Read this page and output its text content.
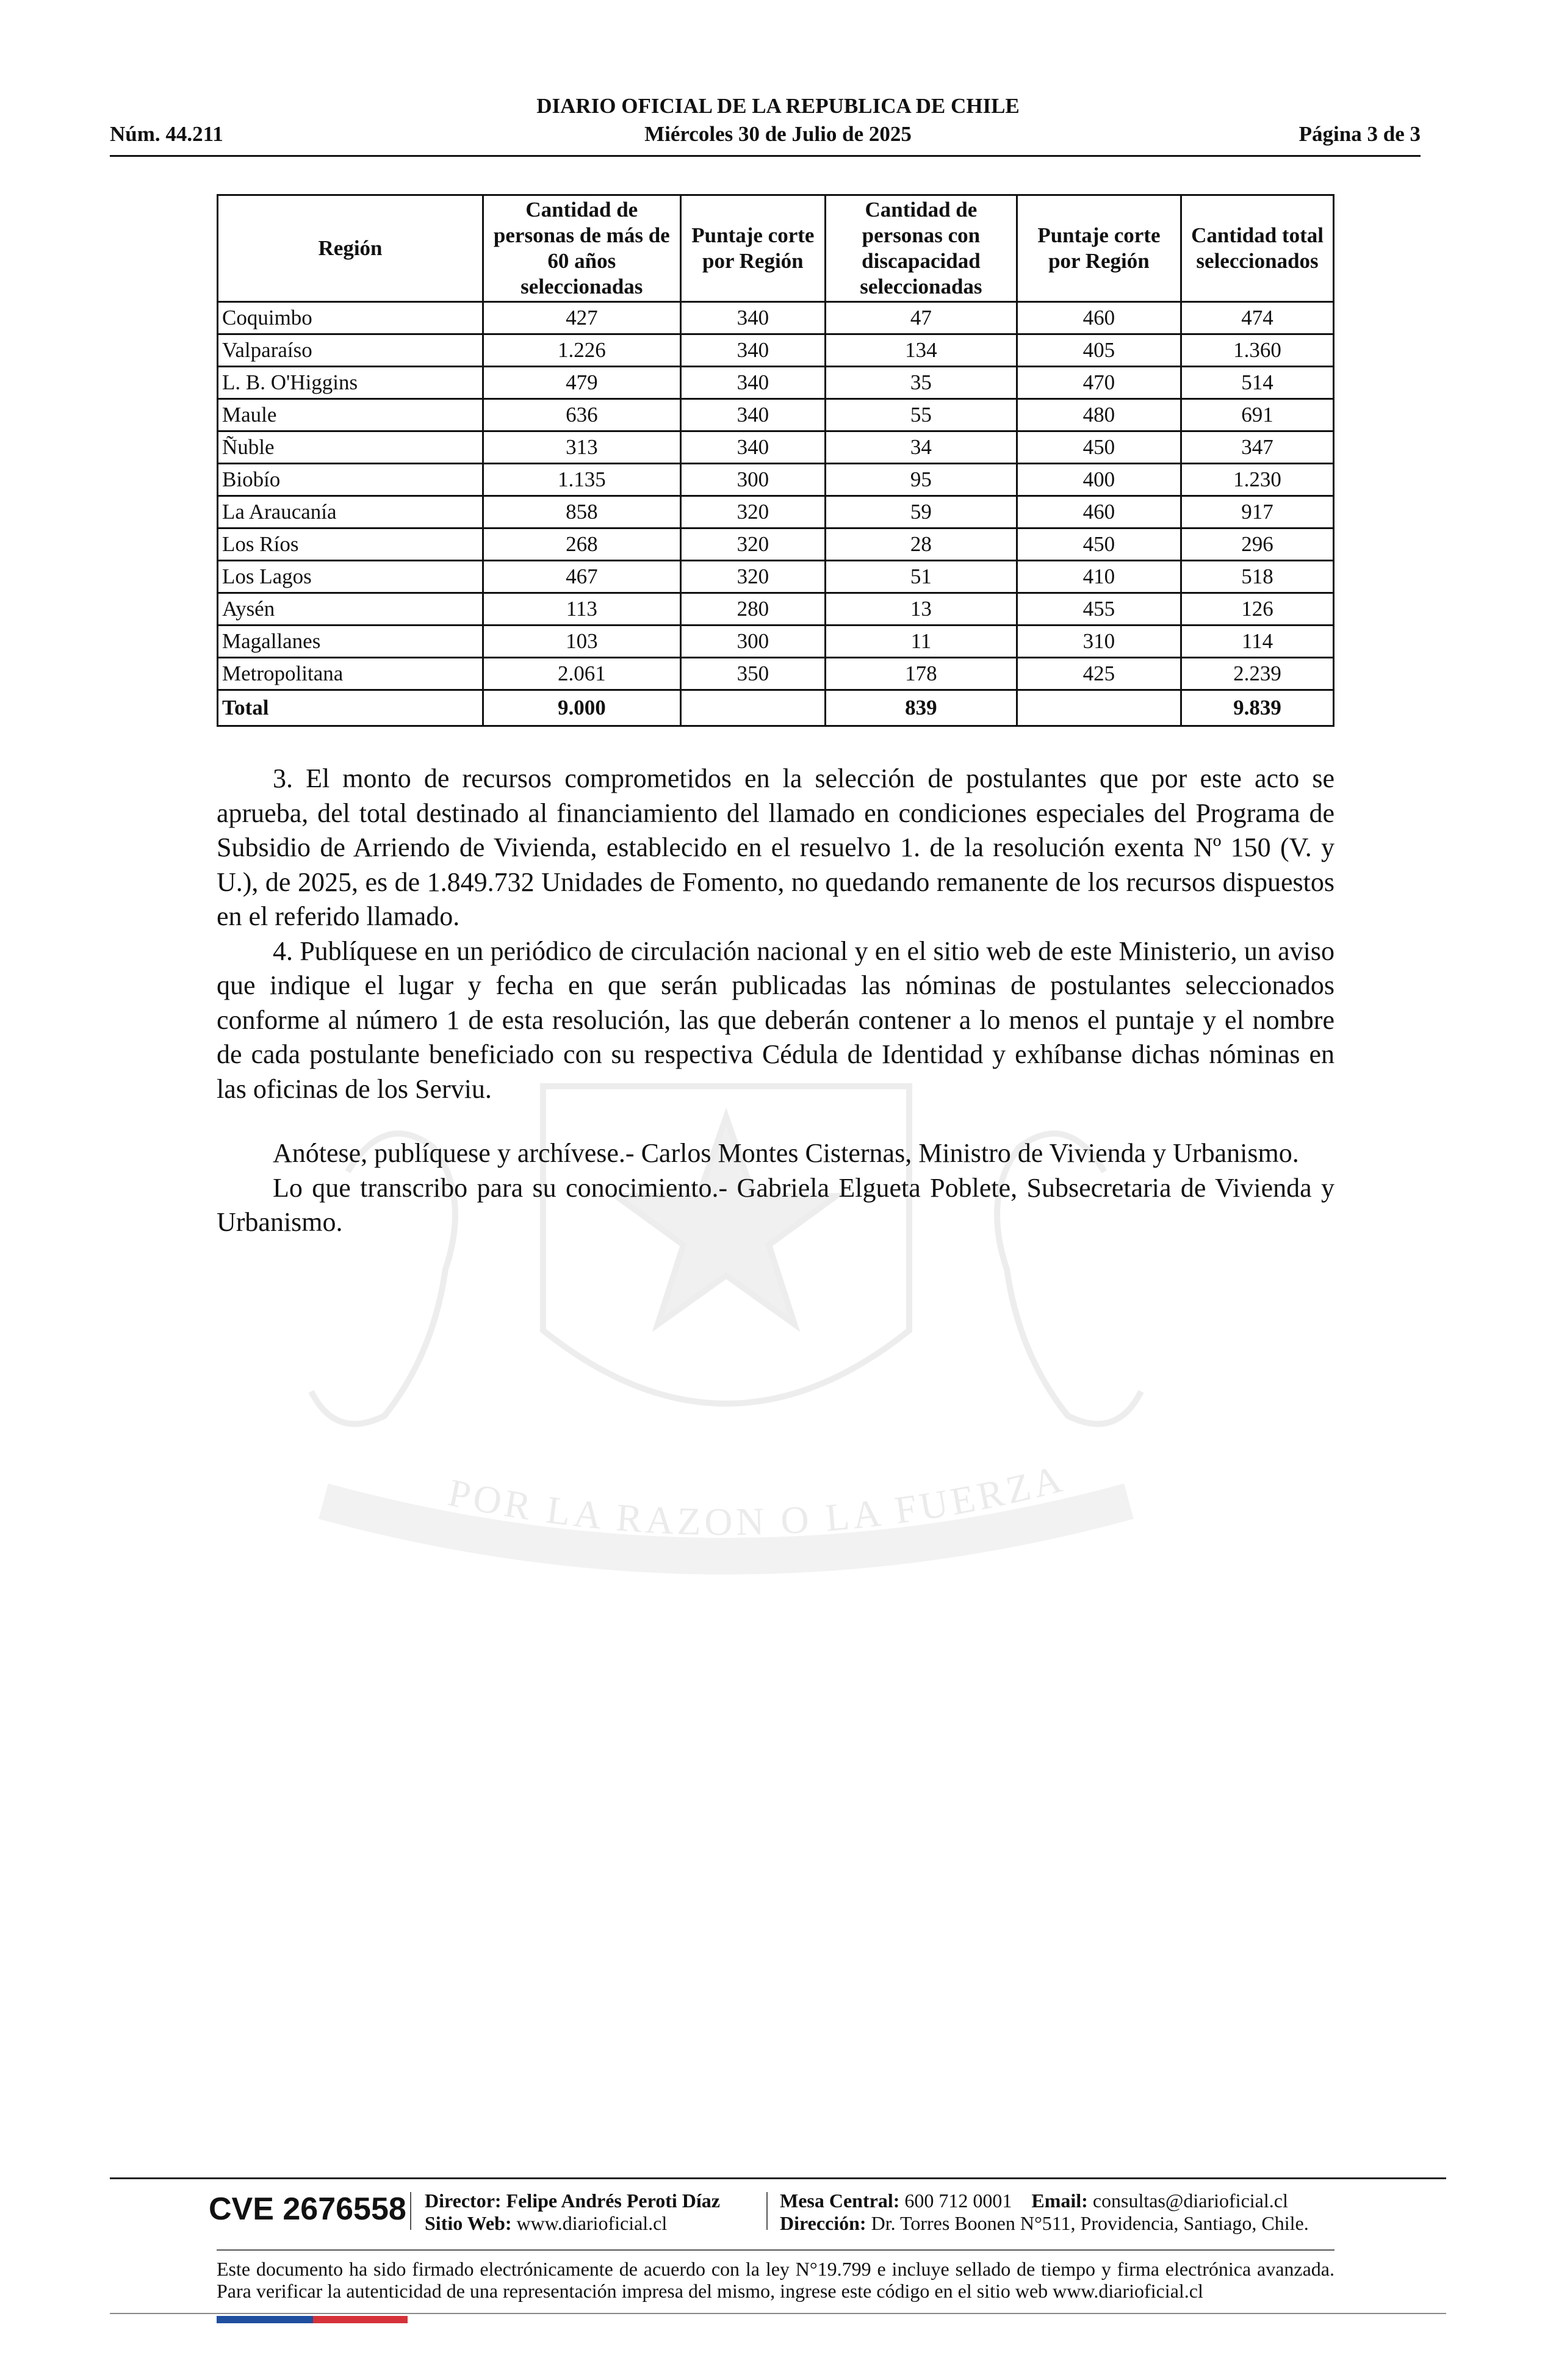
DIARIO OFICIAL DE LA REPUBLICA DE CHILE
Miércoles 30 de Julio de 2025
Núm. 44.211	Página 3 de 3
POR LA RAZON O LA FUERZA
Región	Cantidad de personas de más de 60 años seleccionadas	Puntaje corte por Región	Cantidad de personas con discapacidad seleccionadas	Puntaje corte por Región	Cantidad total seleccionados
Coquimbo	427	340	47	460	474
Valparaíso	1.226	340	134	405	1.360
L. B. O'Higgins	479	340	35	470	514
Maule	636	340	55	480	691
Ñuble	313	340	34	450	347
Biobío	1.135	300	95	400	1.230
La Araucanía	858	320	59	460	917
Los Ríos	268	320	28	450	296
Los Lagos	467	320	51	410	518
Aysén	113	280	13	455	126
Magallanes	103	300	11	310	114
Metropolitana	2.061	350	178	425	2.239
Total	9.000		839		9.839

3. El monto de recursos comprometidos en la selección de postulantes que por este acto se aprueba, del total destinado al financiamiento del llamado en condiciones especiales del Programa de Subsidio de Arriendo de Vivienda, establecido en el resuelvo 1. de la resolución exenta Nº 150 (V. y U.), de 2025, es de 1.849.732 Unidades de Fomento, no quedando remanente de los recursos dispuestos en el referido llamado.

4. Publíquese en un periódico de circulación nacional y en el sitio web de este Ministerio, un aviso que indique el lugar y fecha en que serán publicadas las nóminas de postulantes seleccionados conforme al número 1 de esta resolución, las que deberán contener a lo menos el puntaje y el nombre de cada postulante beneficiado con su respectiva Cédula de Identidad y exhíbanse dichas nóminas en las oficinas de los Serviu.

Anótese, publíquese y archívese.- Carlos Montes Cisternas, Ministro de Vivienda y Urbanismo.

Lo que transcribo para su conocimiento.- Gabriela Elgueta Poblete, Subsecretaria de Vivienda y Urbanismo.

CVE 2676558 Director: Felipe Andrés Peroti Díaz
Sitio Web: www.diarioficial.cl
Mesa Central: 600 712 0001 Email: consultas@diarioficial.cl
Dirección: Dr. Torres Boonen N°511, Providencia, Santiago, Chile.
Este documento ha sido firmado electrónicamente de acuerdo con la ley N°19.799 e incluye sellado de tiempo y firma electrónica avanzada. Para verificar la autenticidad de una representación impresa del mismo, ingrese este código en el sitio web www.diarioficial.cl
